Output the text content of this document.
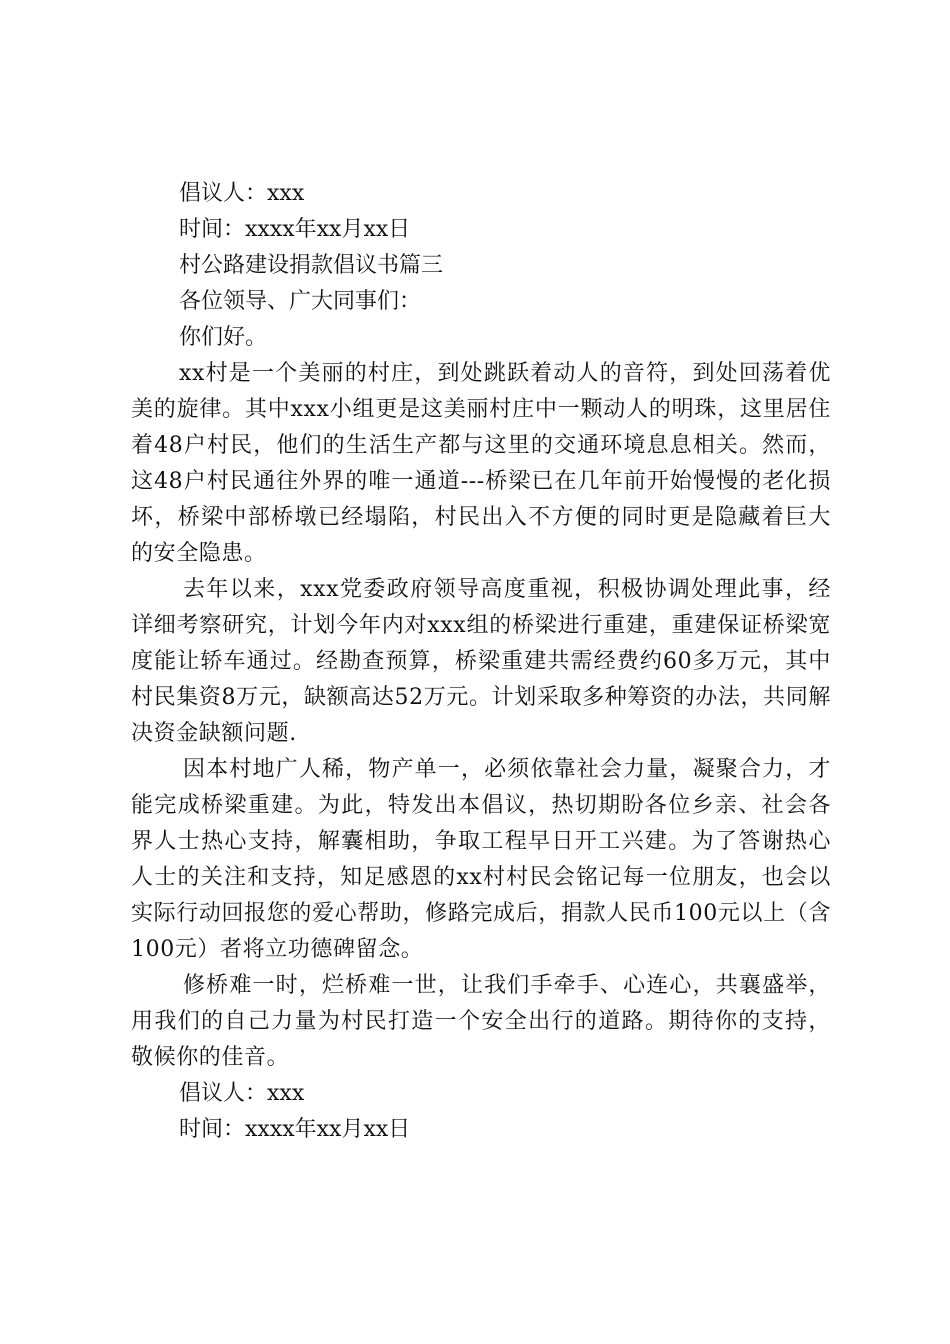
倡议人：xxx

时间：xxxx年xx月xx日

村公路建设捐款倡议书篇三

各位领导、广大同事们：

你们好。

xx村是一个美丽的村庄，到处跳跃着动人的音符，到处回荡着优美的旋律。其中xxx小组更是这美丽村庄中一颗动人的明珠，这里居住着48户村民，他们的生活生产都与这里的交通环境息息相关。然而，这48户村民通往外界的唯一通道---桥梁已在几年前开始慢慢的老化损坏，桥梁中部桥墩已经塌陷，村民出入不方便的同时更是隐藏着巨大的安全隐患。

去年以来，xxx党委政府领导高度重视，积极协调处理此事，经详细考察研究，计划今年内对xxx组的桥梁进行重建，重建保证桥梁宽度能让轿车通过。经勘查预算，桥梁重建共需经费约60多万元，其中村民集资8万元，缺额高达52万元。计划采取多种筹资的办法，共同解决资金缺额问题.

因本村地广人稀，物产单一，必须依靠社会力量，凝聚合力，才能完成桥梁重建。为此，特发出本倡议，热切期盼各位乡亲、社会各界人士热心支持，解囊相助，争取工程早日开工兴建。为了答谢热心人士的关注和支持，知足感恩的xx村村民会铭记每一位朋友，也会以实际行动回报您的爱心帮助，修路完成后，捐款人民币100元以上（含100元）者将立功德碑留念。

修桥难一时，烂桥难一世，让我们手牵手、心连心，共襄盛举，用我们的自己力量为村民打造一个安全出行的道路。期待你的支持，敬候你的佳音。

倡议人：xxx

时间：xxxx年xx月xx日
